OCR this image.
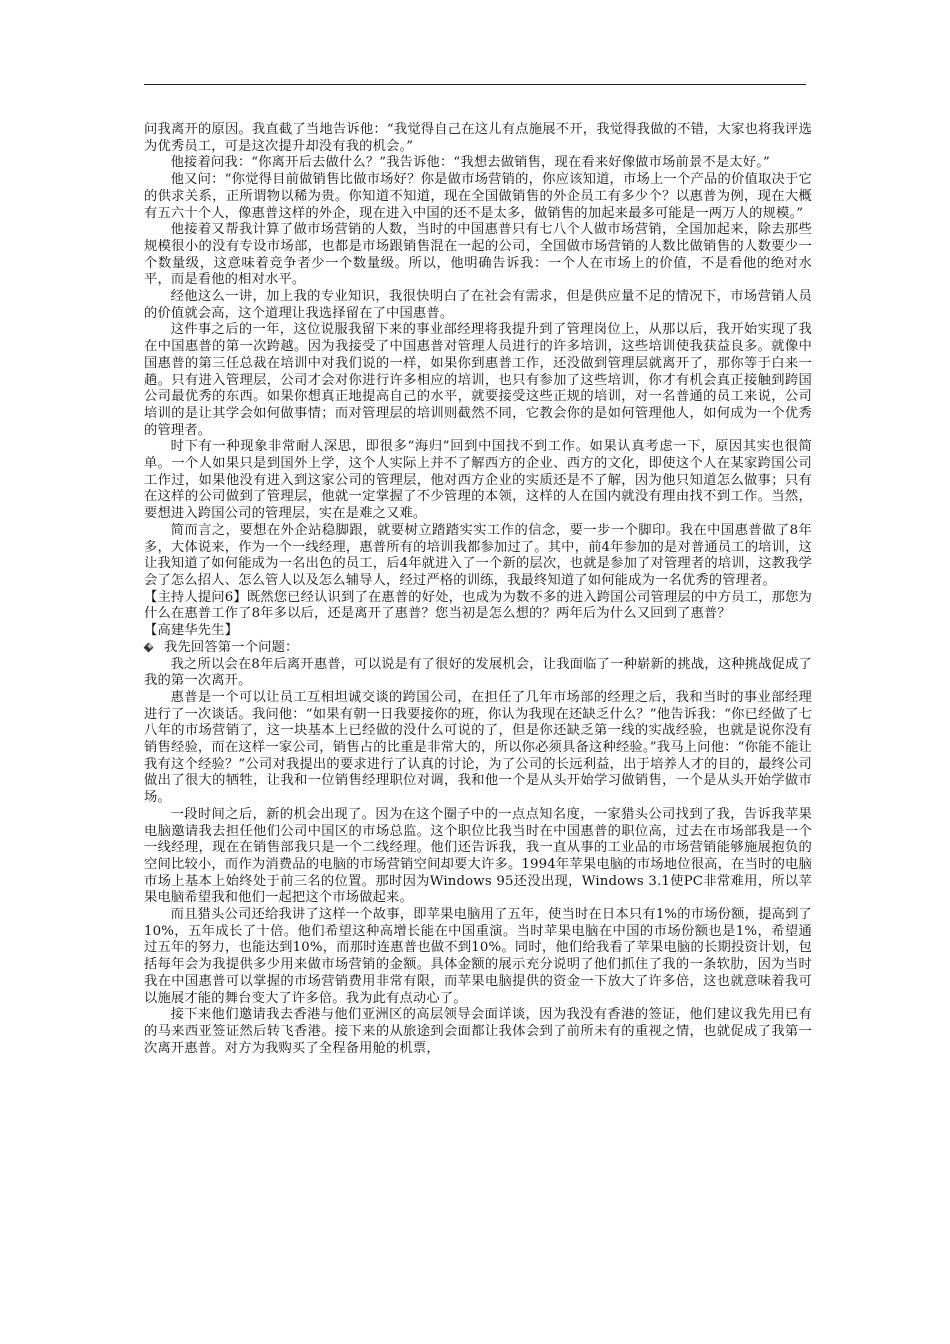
问我离开的原因。我直截了当地告诉他：“我觉得自己在这儿有点施展不开，我觉得我做的不错，大家也将我评选为优秀员工，可是这次提升却没有我的机会。”

他接着问我：“你离开后去做什么？”我告诉他：“我想去做销售，现在看来好像做市场前景不是太好。”

他又问：“你觉得目前做销售比做市场好？你是做市场营销的，你应该知道，市场上一个产品的价值取决于它的供求关系，正所谓物以稀为贵。你知道不知道，现在全国做销售的外企员工有多少个？以惠普为例，现在大概有五六十个人，像惠普这样的外企，现在进入中国的还不是太多，做销售的加起来最多可能是一两万人的规模。”

他接着又帮我计算了做市场营销的人数，当时的中国惠普只有七八个人做市场营销，全国加起来，除去那些规模很小的没有专设市场部，也都是市场跟销售混在一起的公司，全国做市场营销的人数比做销售的人数要少一个数量级，这意味着竞争者少一个数量级。所以，他明确告诉我：一个人在市场上的价值，不是看他的绝对水平，而是看他的相对水平。

经他这么一讲，加上我的专业知识，我很快明白了在社会有需求，但是供应量不足的情况下，市场营销人员的价值就会高，这个道理让我选择留在了中国惠普。

这件事之后的一年，这位说服我留下来的事业部经理将我提升到了管理岗位上，从那以后，我开始实现了我在中国惠普的第一次跨越。因为我接受了中国惠普对管理人员进行的许多培训，这些培训使我获益良多。就像中国惠普的第三任总裁在培训中对我们说的一样，如果你到惠普工作，还没做到管理层就离开了，那你等于白来一趟。只有进入管理层，公司才会对你进行许多相应的培训，也只有参加了这些培训，你才有机会真正接触到跨国公司最优秀的东西。如果你想真正地提高自己的水平，就要接受这些正规的培训，对一名普通的员工来说，公司培训的是让其学会如何做事情；而对管理层的培训则截然不同，它教会你的是如何管理他人，如何成为一个优秀的管理者。

时下有一种现象非常耐人深思，即很多“海归”回到中国找不到工作。如果认真考虑一下，原因其实也很简单。一个人如果只是到国外上学，这个人实际上并不了解西方的企业、西方的文化，即使这个人在某家跨国公司工作过，如果他没有进入到这家公司的管理层，他对西方企业的实质还是不了解，因为他只知道怎么做事；只有在这样的公司做到了管理层，他就一定掌握了不少管理的本领，这样的人在国内就没有理由找不到工作。当然，要想进入跨国公司的管理层，实在是难之又难。

简而言之，要想在外企站稳脚跟，就要树立踏踏实实工作的信念，要一步一个脚印。我在中国惠普做了8年多，大体说来，作为一个一线经理，惠普所有的培训我都参加过了。其中，前4年参加的是对普通员工的培训，这让我知道了如何能成为一名出色的员工，后4年就进入了一个新的层次，也就是参加了对管理者的培训，这教我学会了怎么招人、怎么管人以及怎么辅导人，经过严格的训练，我最终知道了如何能成为一名优秀的管理者。

【主持人提问6】既然您已经认识到了在惠普的好处，也成为为数不多的进入跨国公司管理层的中方员工，那您为什么在惠普工作了8年多以后，还是离开了惠普？您当初是怎么想的？两年后为什么又回到了惠普？

【高建华先生】

我先回答第一个问题：

我之所以会在8年后离开惠普，可以说是有了很好的发展机会，让我面临了一种崭新的挑战，这种挑战促成了我的第一次离开。

惠普是一个可以让员工互相坦诚交谈的跨国公司，在担任了几年市场部的经理之后，我和当时的事业部经理进行了一次谈话。我问他：“如果有朝一日我要接你的班，你认为我现在还缺乏什么？”他告诉我：“你已经做了七八年的市场营销了，这一块基本上已经做的没什么可说的了，但是你还缺乏第一线的实战经验，也就是说你没有销售经验，而在这样一家公司，销售占的比重是非常大的，所以你必须具备这种经验。”我马上问他：“你能不能让我有这个经验？”公司对我提出的要求进行了认真的讨论，为了公司的长远利益，出于培养人才的目的，最终公司做出了很大的牺牲，让我和一位销售经理职位对调，我和他一个是从头开始学习做销售，一个是从头开始学做市场。

一段时间之后，新的机会出现了。因为在这个圈子中的一点点知名度，一家猎头公司找到了我，告诉我苹果电脑邀请我去担任他们公司中国区的市场总监。这个职位比我当时在中国惠普的职位高，过去在市场部我是一个一线经理，现在在销售部我只是一个二线经理。他们还告诉我，我一直从事的工业品的市场营销能够施展抱负的空间比较小，而作为消费品的电脑的市场营销空间却要大许多。1994年苹果电脑的市场地位很高，在当时的电脑市场上基本上始终处于前三名的位置。那时因为Windows 95还没出现，Windows 3.1使PC非常难用，所以苹果电脑希望我和他们一起把这个市场做起来。

而且猎头公司还给我讲了这样一个故事，即苹果电脑用了五年，使当时在日本只有1%的市场份额，提高到了10%，五年成长了十倍。他们希望这种高增长能在中国重演。当时苹果电脑在中国的市场份额也是1%，希望通过五年的努力，也能达到10%，而那时连惠普也做不到10%。同时，他们给我看了苹果电脑的长期投资计划，包括每年会为我提供多少用来做市场营销的金额。具体金额的展示充分说明了他们抓住了我的一条软肋，因为当时我在中国惠普可以掌握的市场营销费用非常有限，而苹果电脑提供的资金一下放大了许多倍，这也就意味着我可以施展才能的舞台变大了许多倍。我为此有点动心了。

接下来他们邀请我去香港与他们亚洲区的高层领导会面详谈，因为我没有香港的签证，他们建议我先用已有的马来西亚签证然后转飞香港。接下来的从旅途到会面都让我体会到了前所未有的重视之情，也就促成了我第一次离开惠普。对方为我购买了全程备用舱的机票，
